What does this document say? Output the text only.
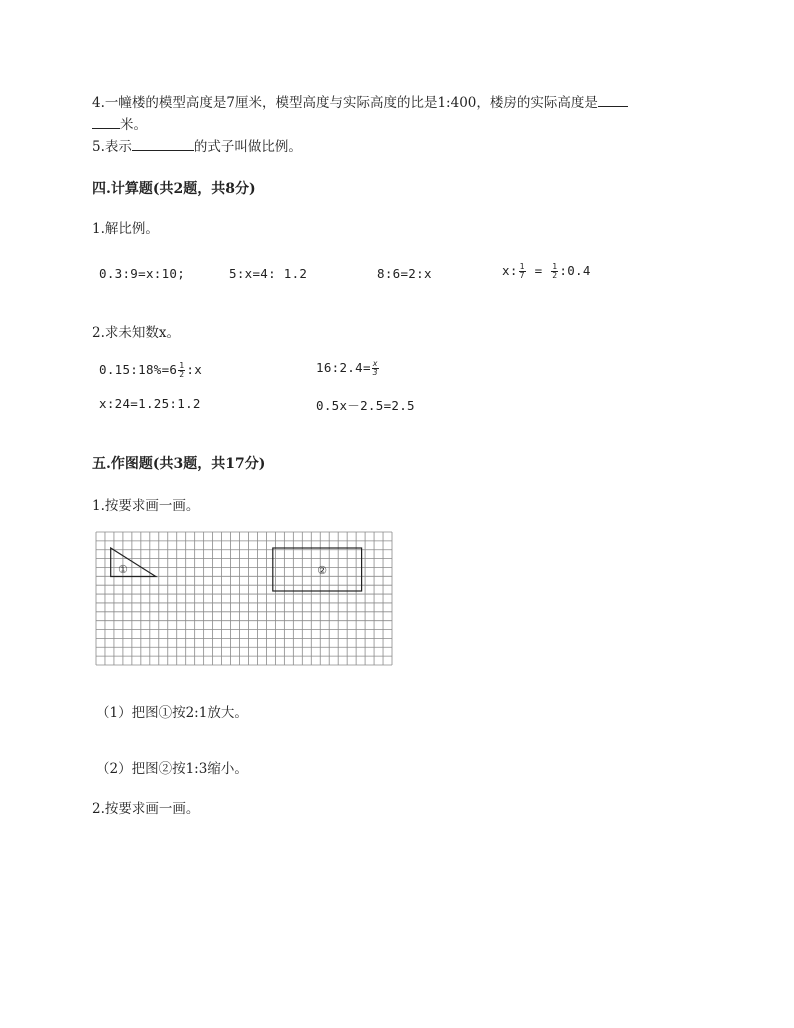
4.一幢楼的模型高度是7厘米，模型高度与实际高度的比是1:400，楼房的实际高度是
米。
5.表示	的式子叫做比例。
四.计算题(共2题，共8分)
1.解比例。
0.3:9=x:10;	5:x=4: 1.2	8:6=2:x	x: $\frac{1}{7} = \frac{1}{2}$ :0.4
2.求未知数x。
0.15:18%=6 $\frac{1}{2}$ :x	16:2.4= $\frac{x}{3}$
x:24=1.25:1.2	0.5x－2.5=2.5
五.作图题(共3题，共17分)
1.按要求画一画。
①	②
（1）把图①按2:1放大。
（2）把图②按1:3缩小。
2.按要求画一画。
